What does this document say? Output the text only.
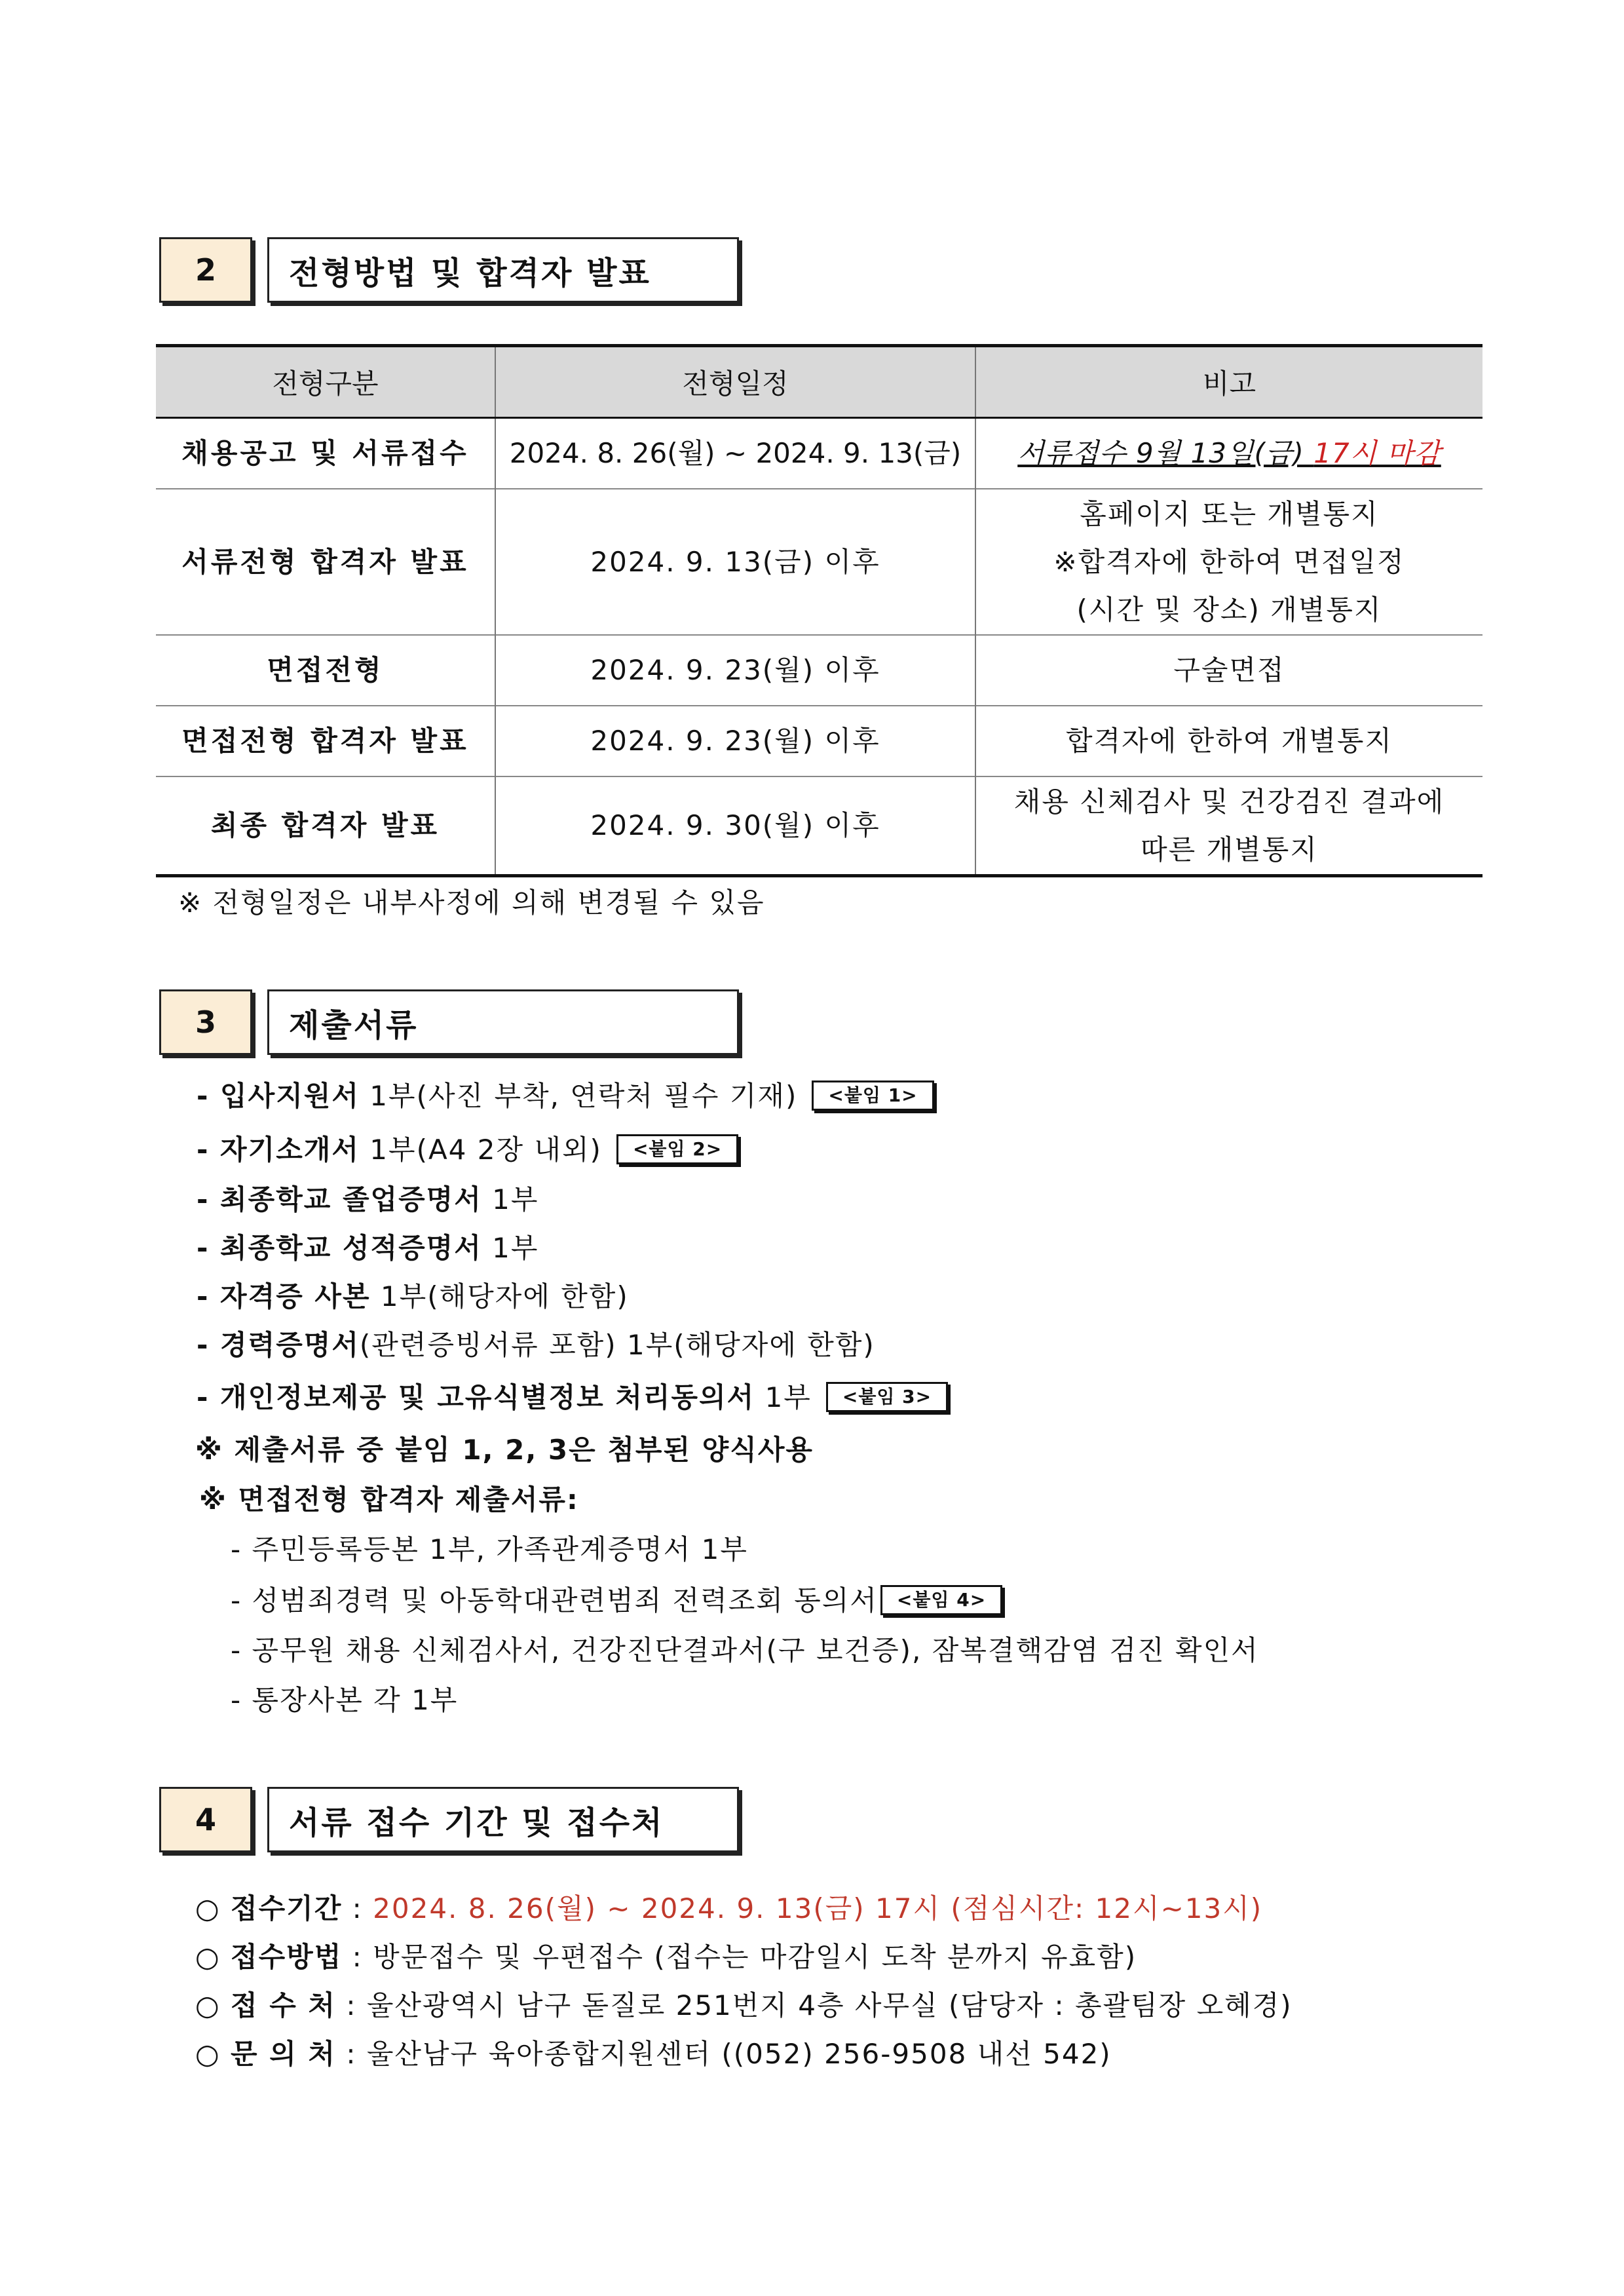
2	전형방법 및 합격자 발표
전형구분	전형일정	비고
채용공고 및 서류접수	2024. 8. 26(월) ~ 2024. 9. 13(금)	서류접수 9월 13일(금) 17시 마감
서류전형 합격자 발표	2024. 9. 13(금) 이후	홈페이지 또는 개별통지
※합격자에 한하여 면접일정
(시간 및 장소) 개별통지

면접전형	2024. 9. 23(월) 이후	구술면접
면접전형 합격자 발표	2024. 9. 23(월) 이후	합격자에 한하여 개별통지
최종 합격자 발표	2024. 9. 30(월) 이후	채용 신체검사 및 건강검진 결과에
따른 개별통지
※ 전형일정은 내부사정에 의해 변경될 수 있음
3	제출서류
- 입사지원서 1부(사진 부착, 연락처 필수 기재) <붙임 1>
- 자기소개서 1부(A4 2장 내외) <붙임 2>
- 최종학교 졸업증명서 1부
- 최종학교 성적증명서 1부
- 자격증 사본 1부(해당자에 한함)
- 경력증명서(관련증빙서류 포함) 1부(해당자에 한함)
- 개인정보제공 및 고유식별정보 처리동의서 1부 <붙임 3>
※ 제출서류 중 붙임 1, 2, 3은 첨부된 양식사용
※ 면접전형 합격자 제출서류:
- 주민등록등본 1부, 가족관계증명서 1부
- 성범죄경력 및 아동학대관련범죄 전력조회 동의서 <붙임 4>
- 공무원 채용 신체검사서, 건강진단결과서(구 보건증), 잠복결핵감염 검진 확인서
- 통장사본 각 1부
4	서류 접수 기간 및 접수처
○ 접수기간 : 2024. 8. 26(월) ~ 2024. 9. 13(금) 17시 (점심시간: 12시~13시)
○ 접수방법 : 방문접수 및 우편접수 (접수는 마감일시 도착 분까지 유효함)
○ 접 수 처 : 울산광역시 남구 돋질로 251번지 4층 사무실 (담당자 : 총괄팀장 오혜경)
○ 문 의 처 : 울산남구 육아종합지원센터 ((052) 256-9508 내선 542)
